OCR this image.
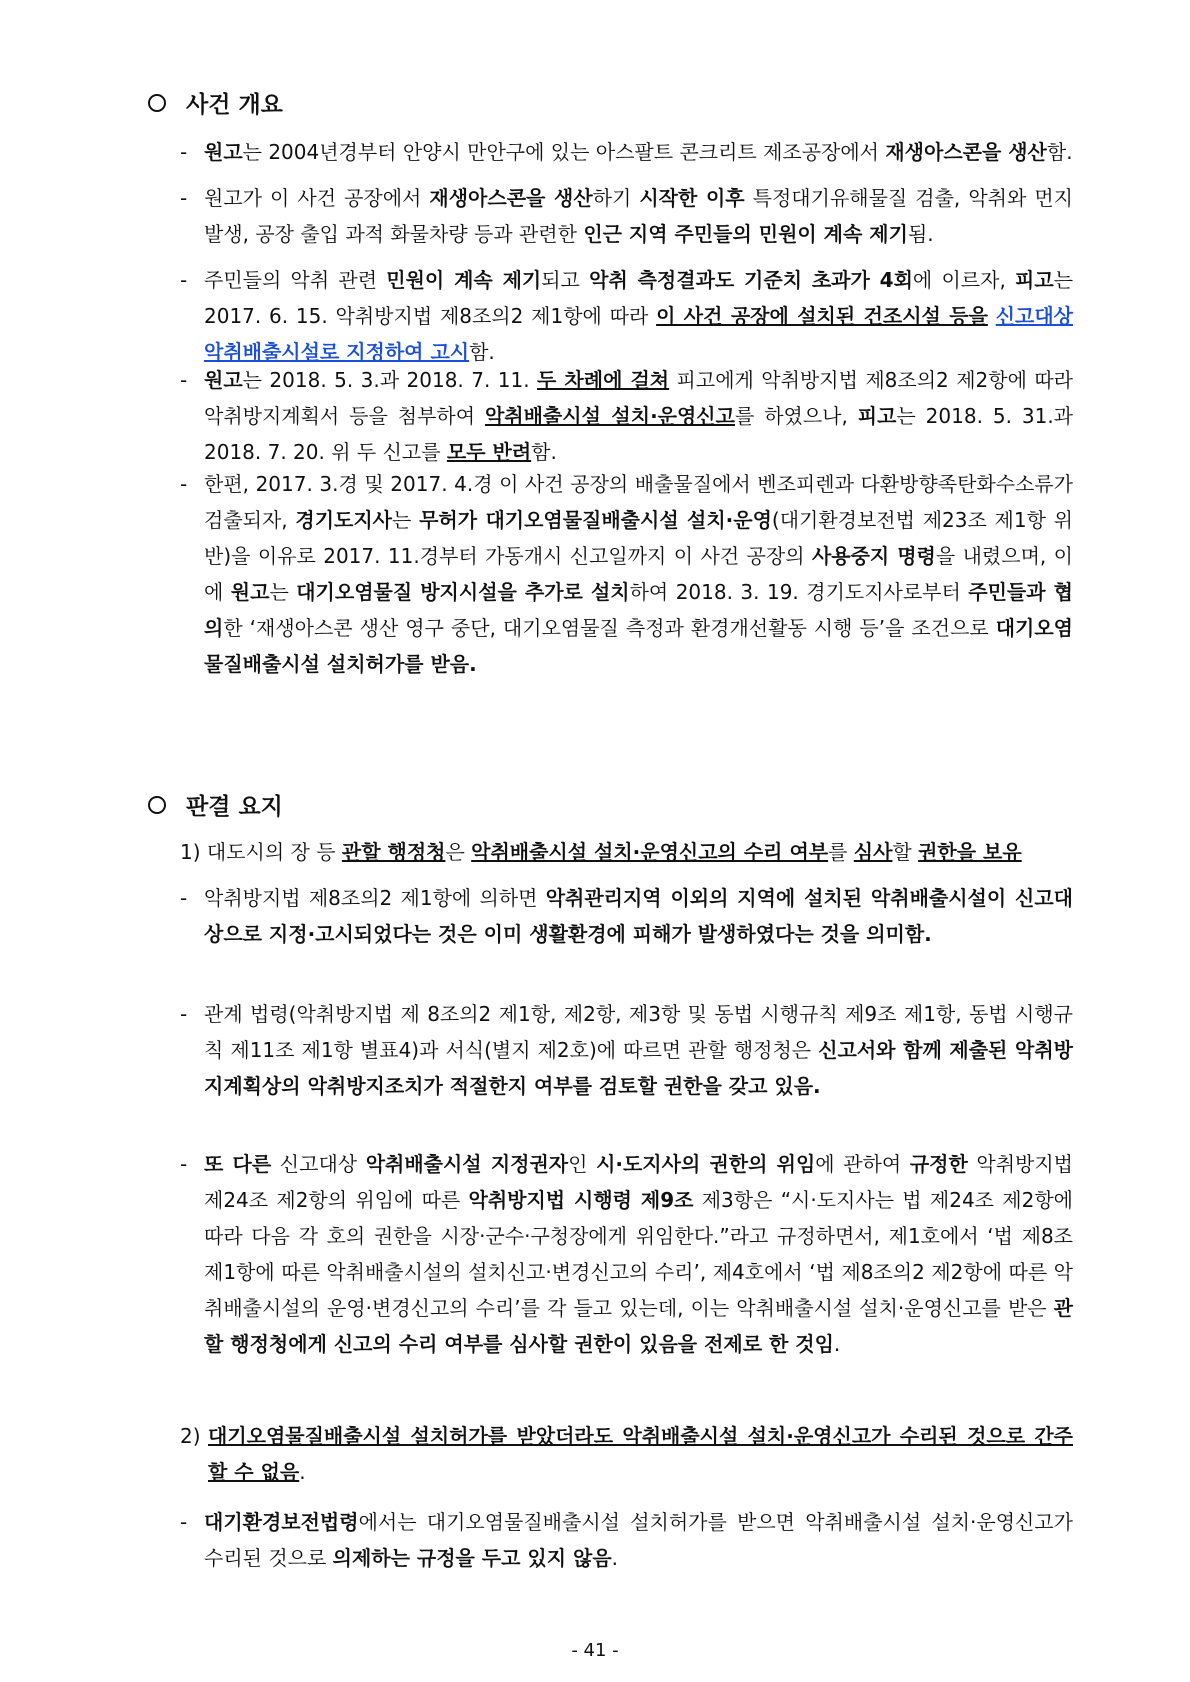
사건 개요
- 원고는 2004년경부터 안양시 만안구에 있는 아스팔트 콘크리트 제조공장에서 재생아스콘을 생산함.
- 원고가 이 사건 공장에서 재생아스콘을 생산하기 시작한 이후 특정대기유해물질 검출, 악취와 먼지 발생, 공장 출입 과적 화물차량 등과 관련한 인근 지역 주민들의 민원이 계속 제기됨.
- 주민들의 악취 관련 민원이 계속 제기되고 악취 측정결과도 기준치 초과가 4회에 이르자, 피고는 2017. 6. 15. 악취방지법 제8조의2 제1항에 따라 이 사건 공장에 설치된 건조시설 등을 신고대상 악취배출시설로 지정하여 고시함.
- 원고는 2018. 5. 3.과 2018. 7. 11. 두 차례에 걸쳐 피고에게 악취방지법 제8조의2 제2항에 따라 악취방지계획서 등을 첨부하여 악취배출시설 설치·운영신고를 하였으나, 피고는 2018. 5. 31.과 2018. 7. 20. 위 두 신고를 모두 반려함.
- 한편, 2017. 3.경 및 2017. 4.경 이 사건 공장의 배출물질에서 벤조피렌과 다환방향족탄화수소류가 검출되자, 경기도지사는 무허가 대기오염물질배출시설 설치·운영(대기환경보전법 제23조 제1항 위반)을 이유로 2017. 11.경부터 가동개시 신고일까지 이 사건 공장의 사용중지 명령을 내렸으며, 이에 원고는 대기오염물질 방지시설을 추가로 설치하여 2018. 3. 19. 경기도지사로부터 주민들과 협의한 ‘재생아스콘 생산 영구 중단, 대기오염물질 측정과 환경개선활동 시행 등’을 조건으로 대기오염물질배출시설 설치허가를 받음.
판결 요지
1) 대도시의 장 등 관할 행정청은 악취배출시설 설치·운영신고의 수리 여부를 심사할 권한을 보유
- 악취방지법 제8조의2 제1항에 의하면 악취관리지역 이외의 지역에 설치된 악취배출시설이 신고대상으로 지정·고시되었다는 것은 이미 생활환경에 피해가 발생하였다는 것을 의미함.
- 관계 법령(악취방지법 제 8조의2 제1항, 제2항, 제3항 및 동법 시행규칙 제9조 제1항, 동법 시행규칙 제11조 제1항 별표4)과 서식(별지 제2호)에 따르면 관할 행정청은 신고서와 함께 제출된 악취방지계획상의 악취방지조치가 적절한지 여부를 검토할 권한을 갖고 있음.
- 또 다른 신고대상 악취배출시설 지정권자인 시·도지사의 권한의 위임에 관하여 규정한 악취방지법 제24조 제2항의 위임에 따른 악취방지법 시행령 제9조 제3항은 “시·도지사는 법 제24조 제2항에 따라 다음 각 호의 권한을 시장·군수·구청장에게 위임한다.”라고 규정하면서, 제1호에서 ‘법 제8조 제1항에 따른 악취배출시설의 설치신고·변경신고의 수리’, 제4호에서 ‘법 제8조의2 제2항에 따른 악취배출시설의 운영·변경신고의 수리’를 각 들고 있는데, 이는 악취배출시설 설치·운영신고를 받은 관할 행정청에게 신고의 수리 여부를 심사할 권한이 있음을 전제로 한 것임.
2) 대기오염물질배출시설 설치허가를 받았더라도 악취배출시설 설치·운영신고가 수리된 것으로 간주할 수 없음.
- 대기환경보전법령에서는 대기오염물질배출시설 설치허가를 받으면 악취배출시설 설치·운영신고가 수리된 것으로 의제하는 규정을 두고 있지 않음.
- 41 -
